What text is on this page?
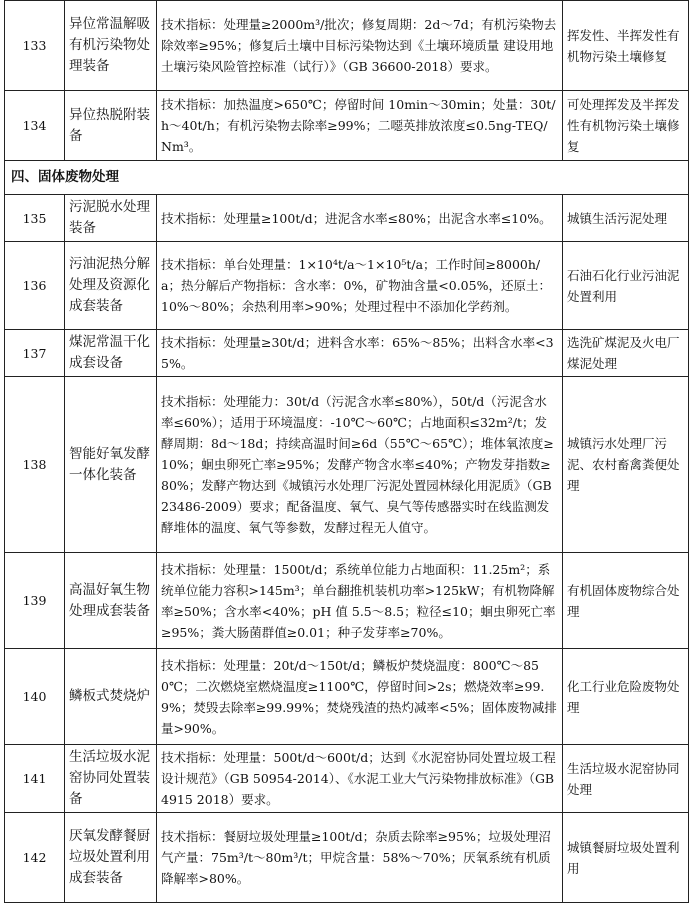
133	异位常温解吸有机污染物处理装备	技术指标：处理量≥2000m³/批次；修复周期：2d～7d；有机污染物去除效率≥95%；修复后土壤中目标污染物达到《土壤环境质量 建设用地土壤污染风险管控标准（试行）》（GB 36600-2018）要求。	挥发性、半挥发性有机物污染土壤修复
134	异位热脱附装备	技术指标：加热温度>650℃；停留时间 10min～30min；处量：30t/h～40t/h；有机污染物去除率≥99%；二噁英排放浓度≤0.5ng-TEQ/Nm³。	可处理挥发及半挥发性有机物污染土壤修复
四、固体废物处理			
135	污泥脱水处理装备	技术指标：处理量≥100t/d；进泥含水率≤80%；出泥含水率≤10%。	城镇生活污泥处理
136	污油泥热分解处理及资源化成套装备	技术指标：单台处理量：1×10⁴t/a～1×10⁵t/a；工作时间≥8000h/a；热分解后产物指标：含水率：0%，矿物油含量<0.05%，还原土：10%～80%；余热利用率>90%；处理过程中不添加化学药剂。	石油石化行业污油泥处置利用
137	煤泥常温干化成套设备	技术指标：处理量≥30t/d；进料含水率：65%～85%；出料含水率<35%。	选洗矿煤泥及火电厂煤泥处理
138	智能好氧发酵一体化装备	技术指标：处理能力：30t/d（污泥含水率≤80%），50t/d（污泥含水率≤60%）；适用于环境温度：-10℃～60℃；占地面积≤32m²/t；发酵周期：8d～18d；持续高温时间≥6d（55℃～65℃）；堆体氧浓度≥10%；蛔虫卵死亡率≥95%；发酵产物含水率≤40%；产物发芽指数≥80%；发酵产物达到《城镇污水处理厂污泥处置园林绿化用泥质》（GB 23486-2009）要求；配备温度、氧气、臭气等传感器实时在线监测发酵堆体的温度、氧气等参数，发酵过程无人值守。	城镇污水处理厂污泥、农村畜禽粪便处理
139	高温好氧生物处理成套装备	技术指标：处理量：1500t/d；系统单位能力占地面积：11.25m²；系统单位能力容积>145m³；单台翻推机装机功率>125kW；有机物降解率≥50%；含水率<40%；pH 值 5.5～8.5；粒径≤10；蛔虫卵死亡率≥95%；粪大肠菌群值≥0.01；种子发芽率≥70%。	有机固体废物综合处理
140	鳞板式焚烧炉	技术指标：处理量：20t/d～150t/d；鳞板炉焚烧温度：800℃～850℃；二次燃烧室燃烧温度≥1100℃，停留时间>2s；燃烧效率≥99.9%；焚毁去除率≥99.99%；焚烧残渣的热灼减率<5%；固体废物减排量>90%。	化工行业危险废物处理
141	生活垃圾水泥窑协同处置装备	技术指标：处理量：500t/d～600t/d；达到《水泥窑协同处置垃圾工程设计规范》（GB 50954-2014）、《水泥工业大气污染物排放标准》（GB 4915 2018）要求。	生活垃圾水泥窑协同处理
142	厌氧发酵餐厨垃圾处置利用成套装备	技术指标：餐厨垃圾处理量≥100t/d；杂质去除率≥95%；垃圾处理沼气产量：75m³/t～80m³/t；甲烷含量：58%～70%；厌氧系统有机质降解率>80%。	城镇餐厨垃圾处置利用
